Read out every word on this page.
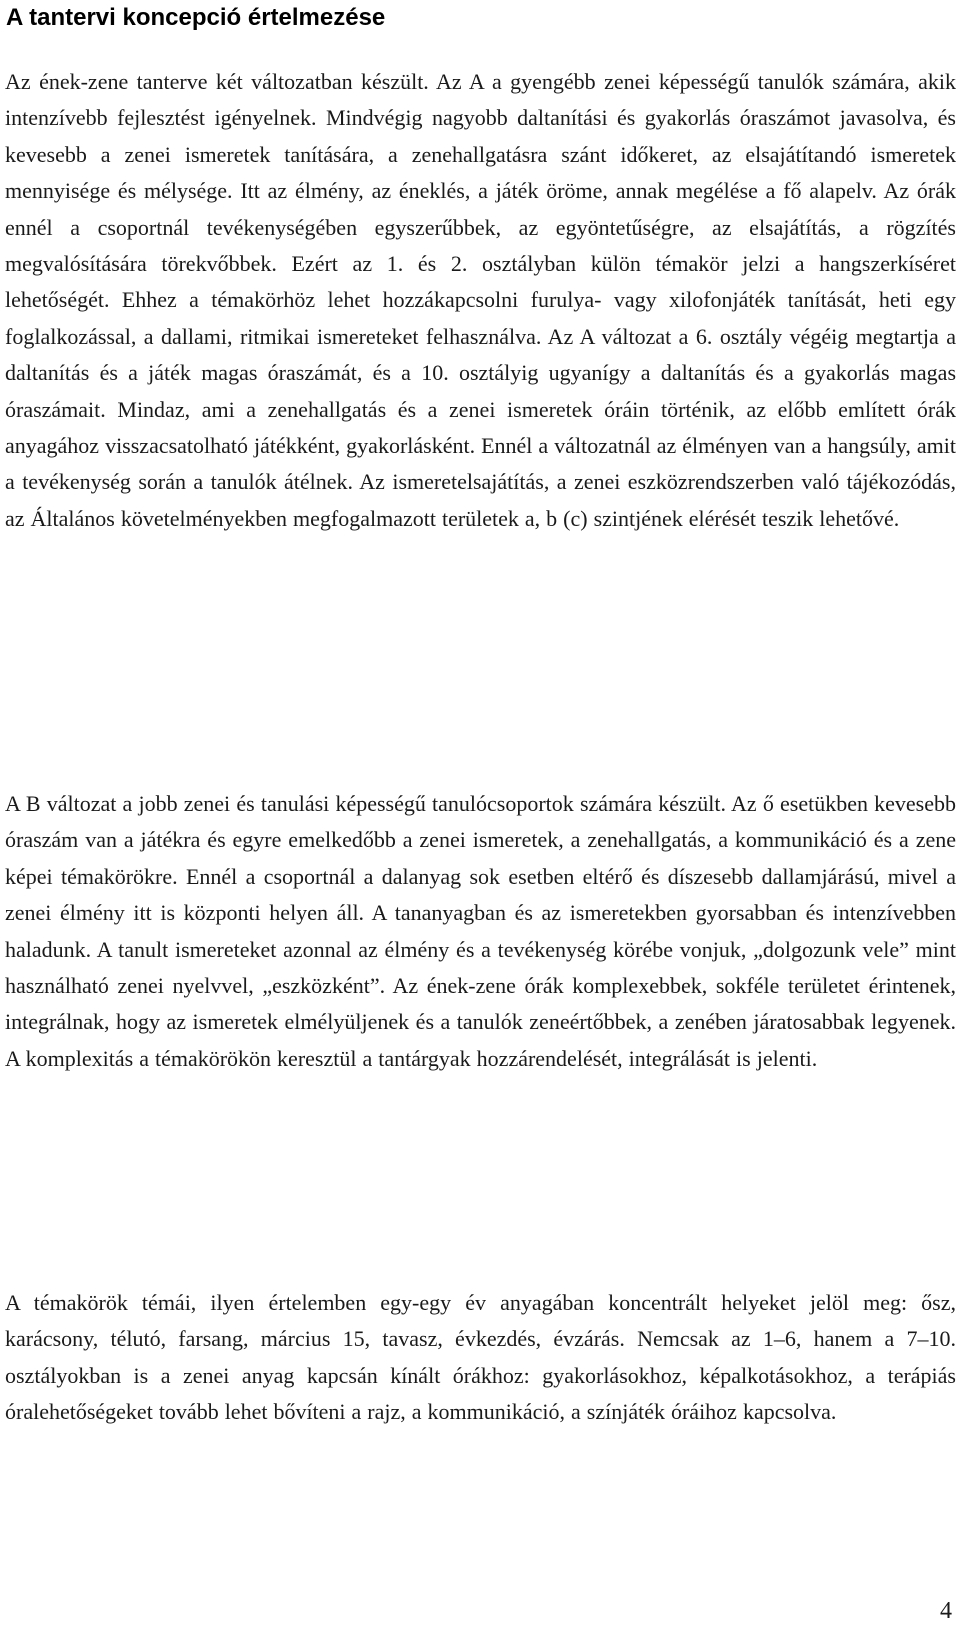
A tantervi koncepció értelmezése

Az ének-zene tanterve két változatban készült. Az A a gyengébb zenei képességű tanulók számára, akik intenzívebb fejlesztést igényelnek. Mindvégig nagyobb daltanítási és gyakorlás óraszámot javasolva, és kevesebb a zenei ismeretek tanítására, a zenehallgatásra szánt időkeret, az elsajátítandó ismeretek mennyisége és mélysége. Itt az élmény, az éneklés, a játék öröme, annak megélése a fő alapelv. Az órák ennél a csoportnál tevékenységében egyszerűbbek, az egyöntetűségre, az elsajátítás, a rögzítés megvalósítására törekvőbbek. Ezért az 1. és 2. osztályban külön témakör jelzi a hangszerkíséret lehetőségét. Ehhez a témakörhöz lehet hozzákapcsolni furulya- vagy xilofonjáték tanítását, heti egy foglalkozással, a dallami, ritmikai ismereteket felhasználva. Az A változat a 6. osztály végéig megtartja a daltanítás és a játék magas óraszámát, és a 10. osztályig ugyanígy a daltanítás és a gyakorlás magas óraszámait. Mindaz, ami a zenehallgatás és a zenei ismeretek óráin történik, az előbb említett órák anyagához visszacsatolható játékként, gyakorlásként. Ennél a változatnál az élményen van a hangsúly, amit a tevékenység során a tanulók átélnek. Az ismeretelsajátítás, a zenei eszközrendszerben való tájékozódás, az Általános követelményekben megfogalmazott területek a, b (c) szintjének elérését teszik lehetővé.

A B változat a jobb zenei és tanulási képességű tanulócsoportok számára készült. Az ő esetükben kevesebb óraszám van a játékra és egyre emelkedőbb a zenei ismeretek, a zenehallgatás, a kommunikáció és a zene képei témakörökre. Ennél a csoportnál a dalanyag sok esetben eltérő és díszesebb dallamjárású, mivel a zenei élmény itt is központi helyen áll. A tananyagban és az ismeretekben gyorsabban és intenzívebben haladunk. A tanult ismereteket azonnal az élmény és a tevékenység körébe vonjuk, „dolgozunk vele” mint használható zenei nyelvvel, „eszközként”. Az ének-zene órák komplexebbek, sokféle területet érintenek, integrálnak, hogy az ismeretek elmélyüljenek és a tanulók zeneértőbbek, a zenében járatosabbak legyenek. A komplexitás a témakörökön keresztül a tantárgyak hozzárendelését, integrálását is jelenti.

A témakörök témái, ilyen értelemben egy-egy év anyagában koncentrált helyeket jelöl meg: ősz, karácsony, télutó, farsang, március 15, tavasz, évkezdés, évzárás. Nemcsak az 1–6, hanem a 7–10. osztályokban is a zenei anyag kapcsán kínált órákhoz: gyakorlásokhoz, képalkotásokhoz, a terápiás óralehetőségeket tovább lehet bővíteni a rajz, a kommunikáció, a színjáték óráihoz kapcsolva.

4
